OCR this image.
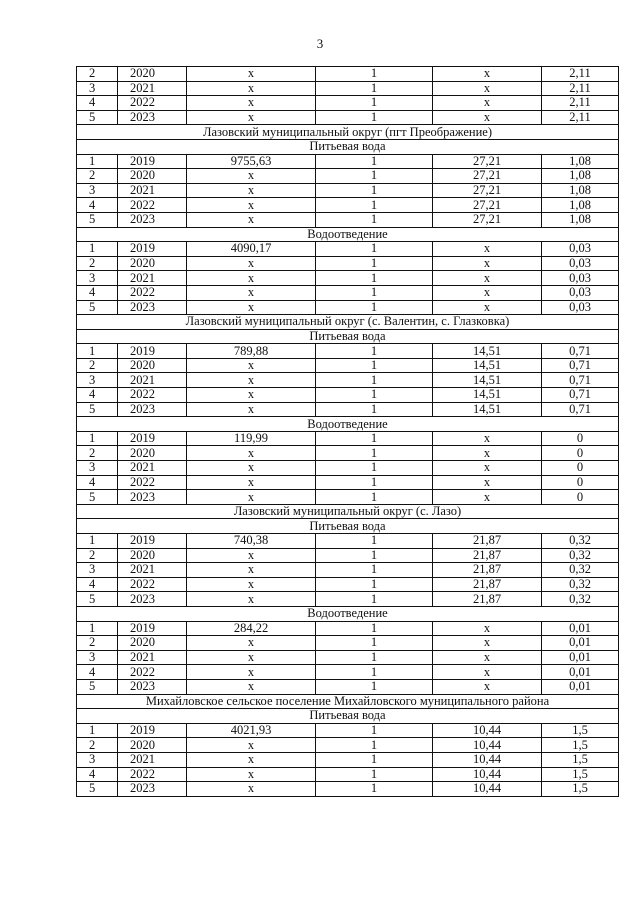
3
2	2020	x	1	x	2,11
3	2021	x	1	x	2,11
4	2022	x	1	x	2,11
5	2023	x	1	x	2,11
Лазовский муниципальный округ (пгт Преображение)					
Питьевая вода					
1	2019	9755,63	1	27,21	1,08
2	2020	x	1	27,21	1,08
3	2021	x	1	27,21	1,08
4	2022	x	1	27,21	1,08
5	2023	x	1	27,21	1,08
Водоотведение					
1	2019	4090,17	1	x	0,03
2	2020	x	1	x	0,03
3	2021	x	1	x	0,03
4	2022	x	1	x	0,03
5	2023	x	1	x	0,03
Лазовский муниципальный округ (с. Валентин, с. Глазковка)					
Питьевая вода					
1	2019	789,88	1	14,51	0,71
2	2020	x	1	14,51	0,71
3	2021	x	1	14,51	0,71
4	2022	x	1	14,51	0,71
5	2023	x	1	14,51	0,71
Водоотведение					
1	2019	119,99	1	x	0
2	2020	x	1	x	0
3	2021	x	1	x	0
4	2022	x	1	x	0
5	2023	x	1	x	0
Лазовский муниципальный округ (с. Лазо)					
Питьевая вода					
1	2019	740,38	1	21,87	0,32
2	2020	x	1	21,87	0,32
3	2021	x	1	21,87	0,32
4	2022	x	1	21,87	0,32
5	2023	x	1	21,87	0,32
Водоотведение					
1	2019	284,22	1	x	0,01
2	2020	x	1	x	0,01
3	2021	x	1	x	0,01
4	2022	x	1	x	0,01
5	2023	x	1	x	0,01
Михайловское сельское поселение Михайловского муниципального района					
Питьевая вода					
1	2019	4021,93	1	10,44	1,5
2	2020	x	1	10,44	1,5
3	2021	x	1	10,44	1,5
4	2022	x	1	10,44	1,5
5	2023	x	1	10,44	1,5
